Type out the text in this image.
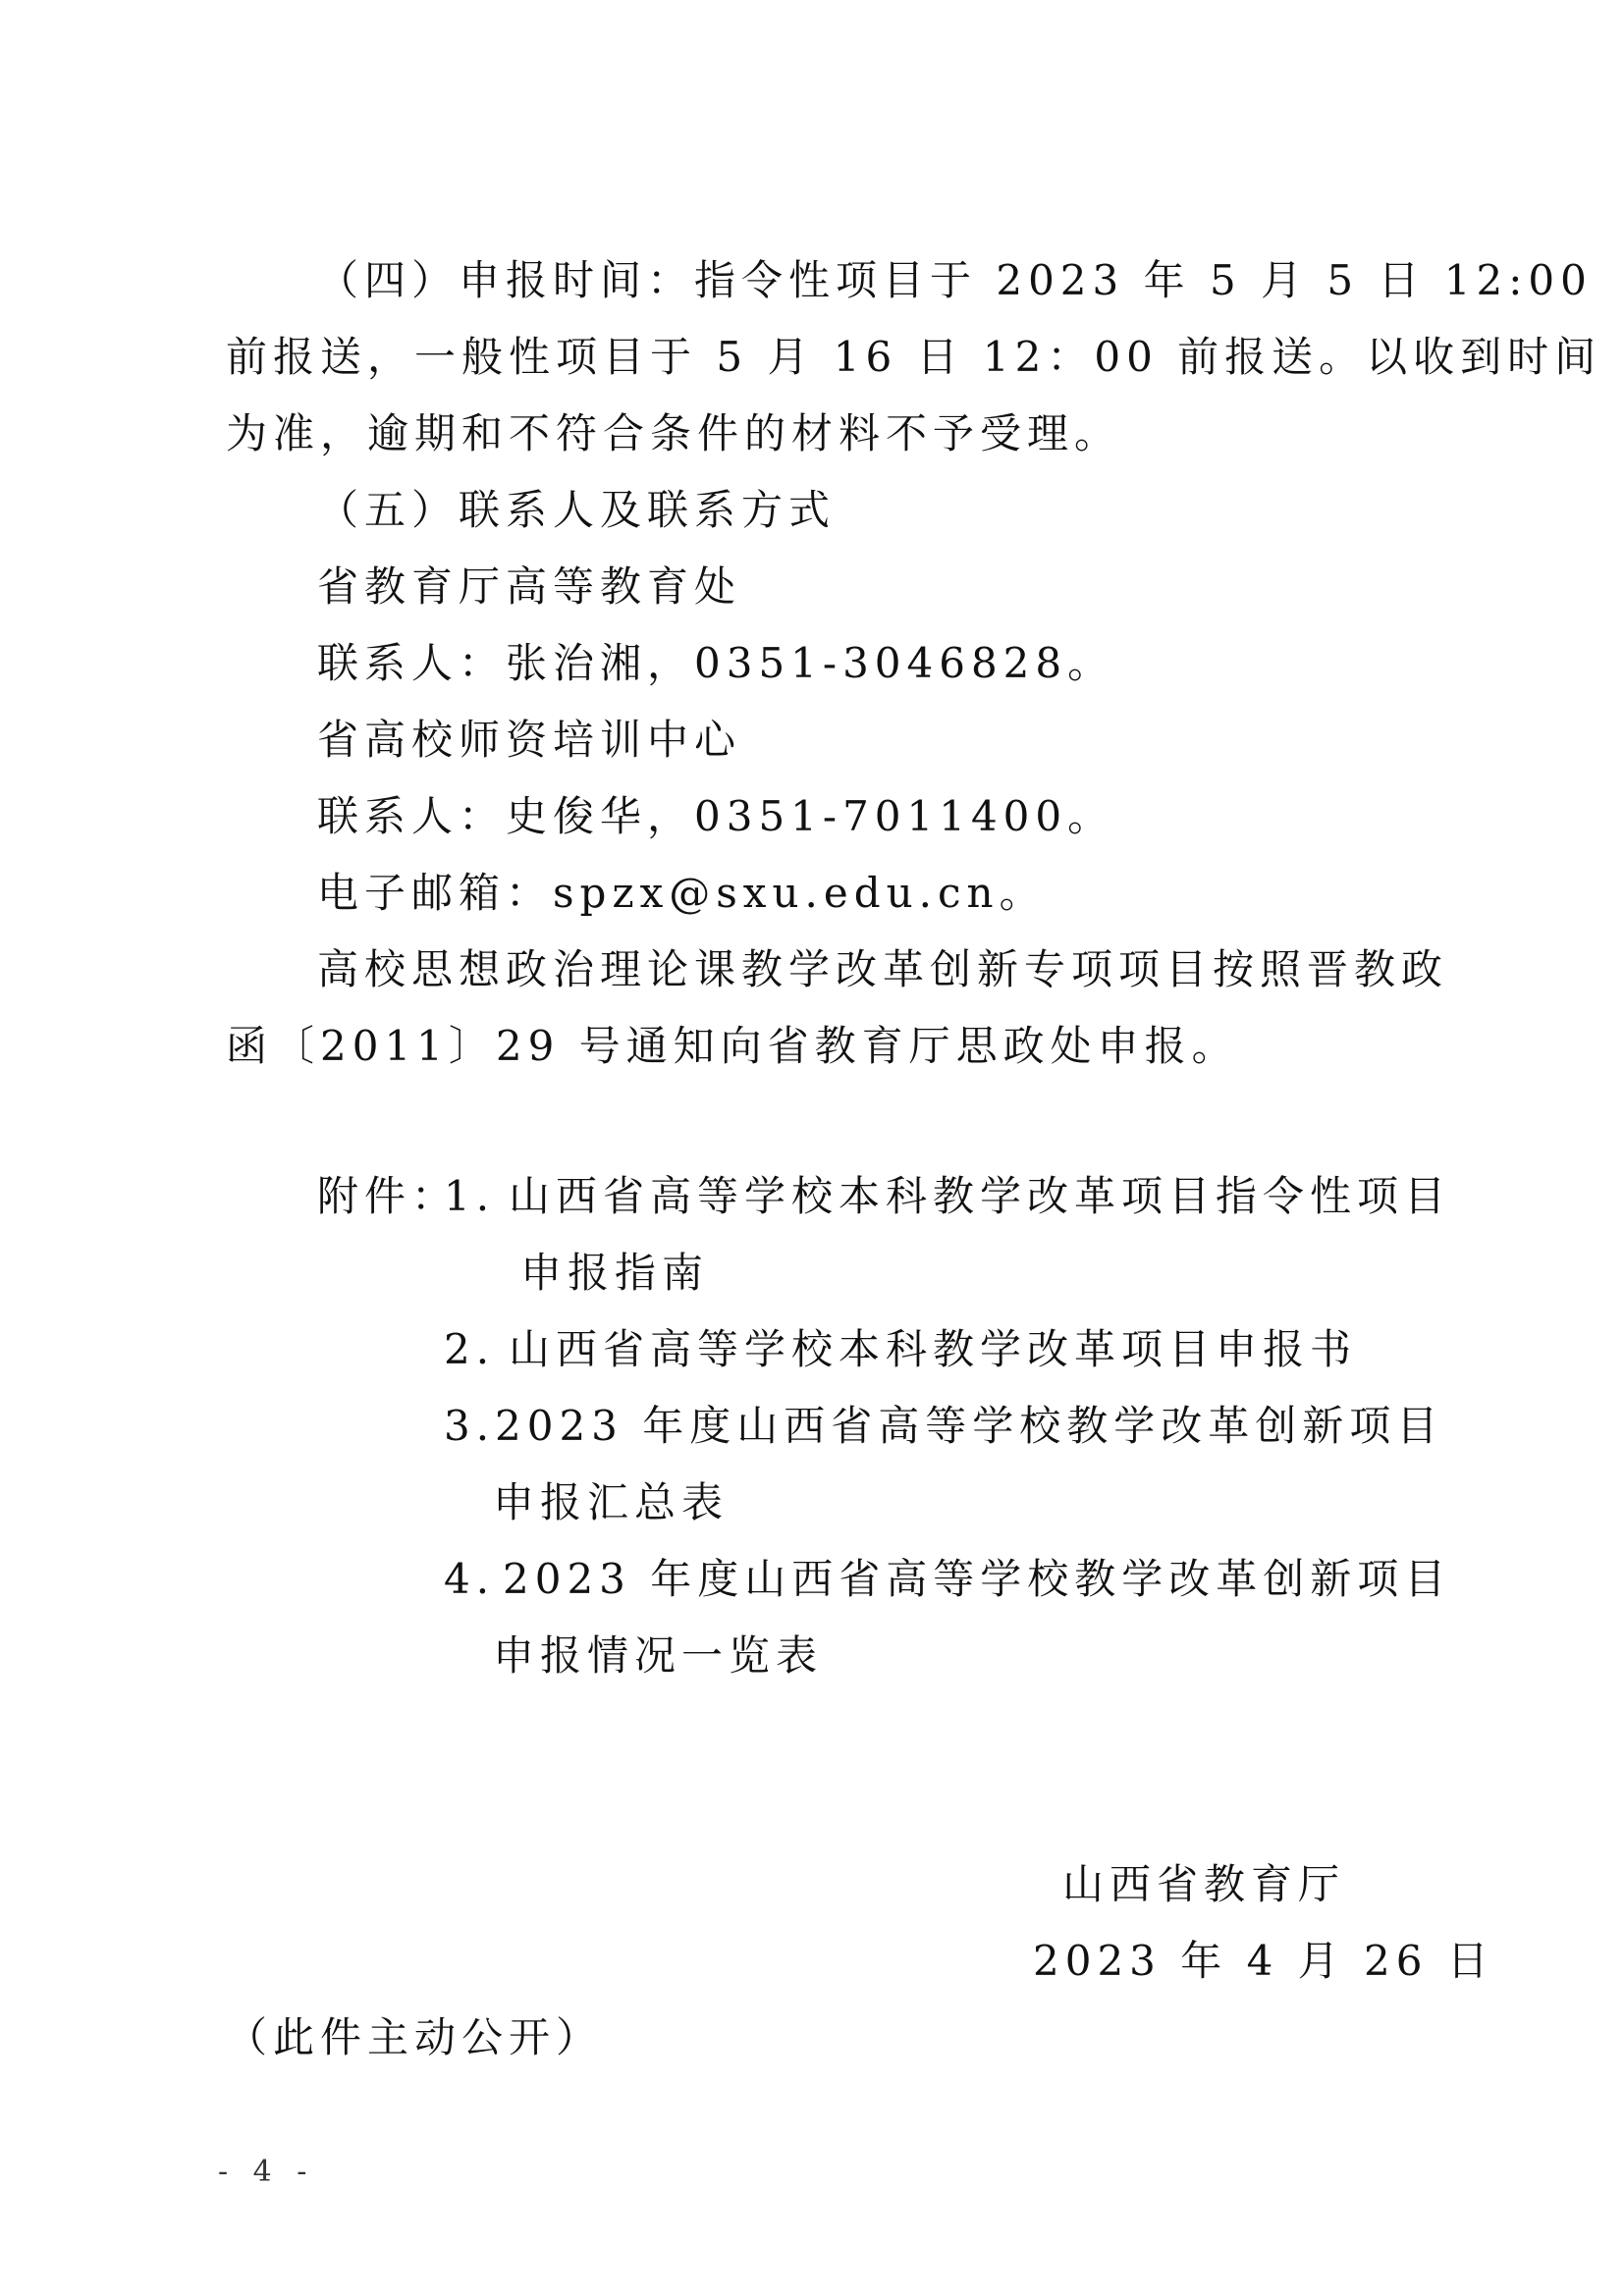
（四）申报时间：指令性项目于 2023 年 5 月 5 日 12:00
前报送，一般性项目于 5 月 16 日 12：00 前报送。以收到时间
为准，逾期和不符合条件的材料不予受理。
（五）联系人及联系方式
省教育厅高等教育处
联系人：张治湘，0351-3046828。
省高校师资培训中心
联系人：史俊华，0351-7011400。
电子邮箱：spzx@sxu.edu.cn。
高校思想政治理论课教学改革创新专项项目按照晋教政
函〔2011〕29 号通知向省教育厅思政处申报。
附件：
1. 山西省高等学校本科教学改革项目指令性项目
申报指南
2. 山西省高等学校本科教学改革项目申报书
3. 2023 年度山西省高等学校教学改革创新项目
申报汇总表
4. 2023 年度山西省高等学校教学改革创新项目
申报情况一览表
山西省教育厅
2023 年 4 月 26 日
（此件主动公开）
- 4 -
